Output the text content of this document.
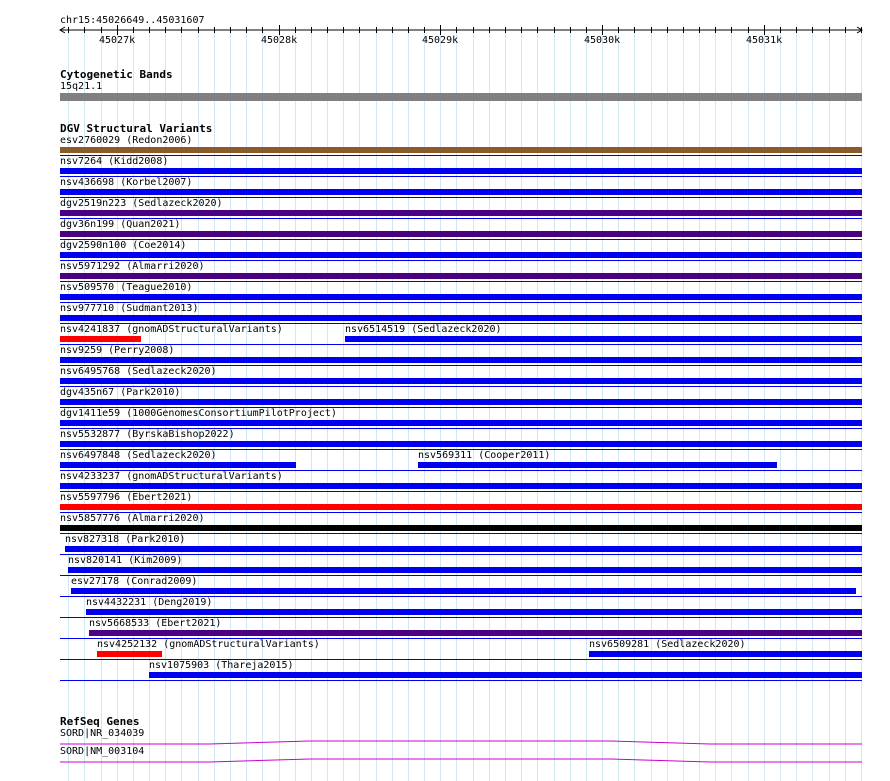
chr15:45026649..45031607
45027k	45028k	45029k	45030k	45031k
Cytogenetic Bands
15q21.1
DGV Structural Variants
esv2760029 (Redon2006)
nsv7264 (Kidd2008)
nsv436698 (Korbel2007)
dgv2519n223 (Sedlazeck2020)
dgv36n199 (Quan2021)
dgv2590n100 (Coe2014)
nsv5971292 (Almarri2020)
nsv509570 (Teague2010)
nsv977710 (Sudmant2013)
nsv4241837 (gnomADStructuralVariants)	nsv6514519 (Sedlazeck2020)
nsv9259 (Perry2008)
nsv6495768 (Sedlazeck2020)
dgv435n67 (Park2010)
dgv1411e59 (1000GenomesConsortiumPilotProject)
nsv5532877 (ByrskaBishop2022)
nsv6497848 (Sedlazeck2020)	nsv569311 (Cooper2011)
nsv4233237 (gnomADStructuralVariants)
nsv5597796 (Ebert2021)
nsv5857776 (Almarri2020)
nsv827318 (Park2010)
nsv820141 (Kim2009)
esv27178 (Conrad2009)
nsv4432231 (Deng2019)
nsv5668533 (Ebert2021)
nsv4252132 (gnomADStructuralVariants)	nsv6509281 (Sedlazeck2020)
nsv1075903 (Thareja2015)
RefSeq Genes
SORD|NR_034039
SORD|NM_003104
